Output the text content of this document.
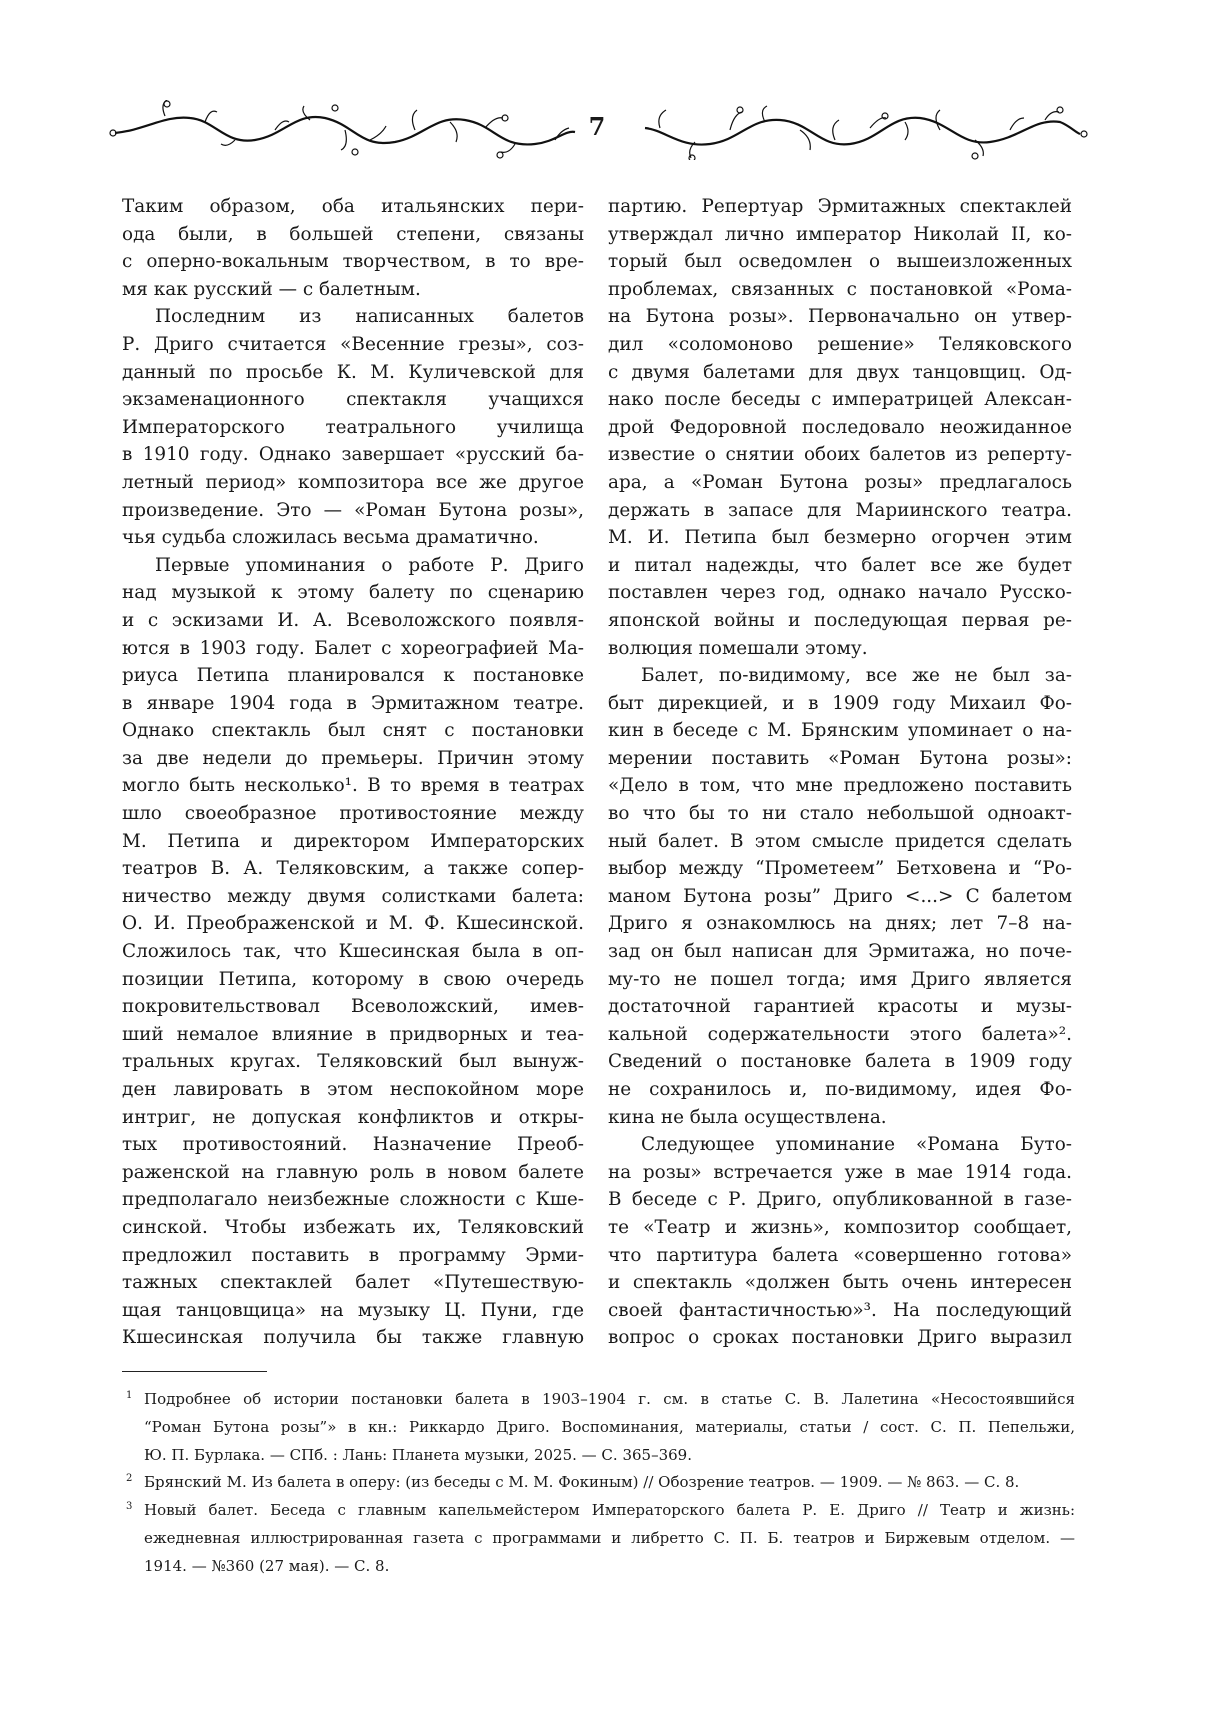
7
Таким образом, оба итальянских пери-
ода были, в большей степени, связаны
с оперно-вокальным творчеством, в то вре-
мя как русский — с балетным.
Последним из написанных балетов
Р. Дриго считается «Весенние грезы», соз-
данный по просьбе К. М. Куличевской для
экзаменационного спектакля учащихся
Императорского театрального училища
в 1910 году. Однако завершает «русский ба-
летный период» композитора все же другое
произведение. Это — «Роман Бутона розы»,
чья судьба сложилась весьма драматично.
Первые упоминания о работе Р. Дриго
над музыкой к этому балету по сценарию
и с эскизами И. А. Всеволожского появля-
ются в 1903 году. Балет с хореографией Ма-
риуса Петипа планировался к постановке
в январе 1904 года в Эрмитажном театре.
Однако спектакль был снят с постановки
за две недели до премьеры. Причин этому
могло быть несколько¹. В то время в театрах
шло своеобразное противостояние между
М. Петипа и директором Императорских
театров В. А. Теляковским, а также сопер-
ничество между двумя солистками балета:
О. И. Преображенской и М. Ф. Кшесинской.
Сложилось так, что Кшесинская была в оп-
позиции Петипа, которому в свою очередь
покровительствовал Всеволожский, имев-
ший немалое влияние в придворных и теа-
тральных кругах. Теляковский был вынуж-
ден лавировать в этом неспокойном море
интриг, не допуская конфликтов и откры-
тых противостояний. Назначение Преоб-
раженской на главную роль в новом балете
предполагало неизбежные сложности с Кше-
синской. Чтобы избежать их, Теляковский
предложил поставить в программу Эрми-
тажных спектаклей балет «Путешествую-
щая танцовщица» на музыку Ц. Пуни, где
Кшесинская получила бы также главную
партию. Репертуар Эрмитажных спектаклей
утверждал лично император Николай II, ко-
торый был осведомлен о вышеизложенных
проблемах, связанных с постановкой «Рома-
на Бутона розы». Первоначально он утвер-
дил «соломоново решение» Теляковского
с двумя балетами для двух танцовщиц. Од-
нако после беседы с императрицей Алексан-
дрой Федоровной последовало неожиданное
известие о снятии обоих балетов из реперту-
ара, а «Роман Бутона розы» предлагалось
держать в запасе для Мариинского театра.
М. И. Петипа был безмерно огорчен этим
и питал надежды, что балет все же будет
поставлен через год, однако начало Русско-
японской войны и последующая первая ре-
волюция помешали этому.
Балет, по-видимому, все же не был за-
быт дирекцией, и в 1909 году Михаил Фо-
кин в беседе с М. Брянским упоминает о на-
мерении поставить «Роман Бутона розы»:
«Дело в том, что мне предложено поставить
во что бы то ни стало небольшой одноакт-
ный балет. В этом смысле придется сделать
выбор между “Прометеем” Бетховена и “Ро-
маном Бутона розы” Дриго <...> С балетом
Дриго я ознакомлюсь на днях; лет 7–8 на-
зад он был написан для Эрмитажа, но поче-
му-то не пошел тогда; имя Дриго является
достаточной гарантией красоты и музы-
кальной содержательности этого балета»².
Сведений о постановке балета в 1909 году
не сохранилось и, по-видимому, идея Фо-
кина не была осуществлена.
Следующее упоминание «Романа Буто-
на розы» встречается уже в мае 1914 года.
В беседе с Р. Дриго, опубликованной в газе-
те «Театр и жизнь», композитор сообщает,
что партитура балета «совершенно готова»
и спектакль «должен быть очень интересен
своей фантастичностью»³. На последующий
вопрос о сроках постановки Дриго выразил
1 Подробнее об истории постановки балета в 1903–1904 г. см. в статье С. В. Лалетина «Несостоявшийся
“Роман Бутона розы”» в кн.: Риккардо Дриго. Воспоминания, материалы, статьи / сост. С. П. Пепельжи,
Ю. П. Бурлака. — СПб. : Лань: Планета музыки, 2025. — С. 365–369.
2 Брянский М. Из балета в оперу: (из беседы с М. М. Фокиным) // Обозрение театров. — 1909. — № 863. — С. 8.
3 Новый балет. Беседа с главным капельмейстером Императорского балета Р. Е. Дриго // Театр и жизнь:
ежедневная иллюстрированная газета с программами и либретто С. П. Б. театров и Биржевым отделом. —
1914. — №360 (27 мая). — С. 8.
